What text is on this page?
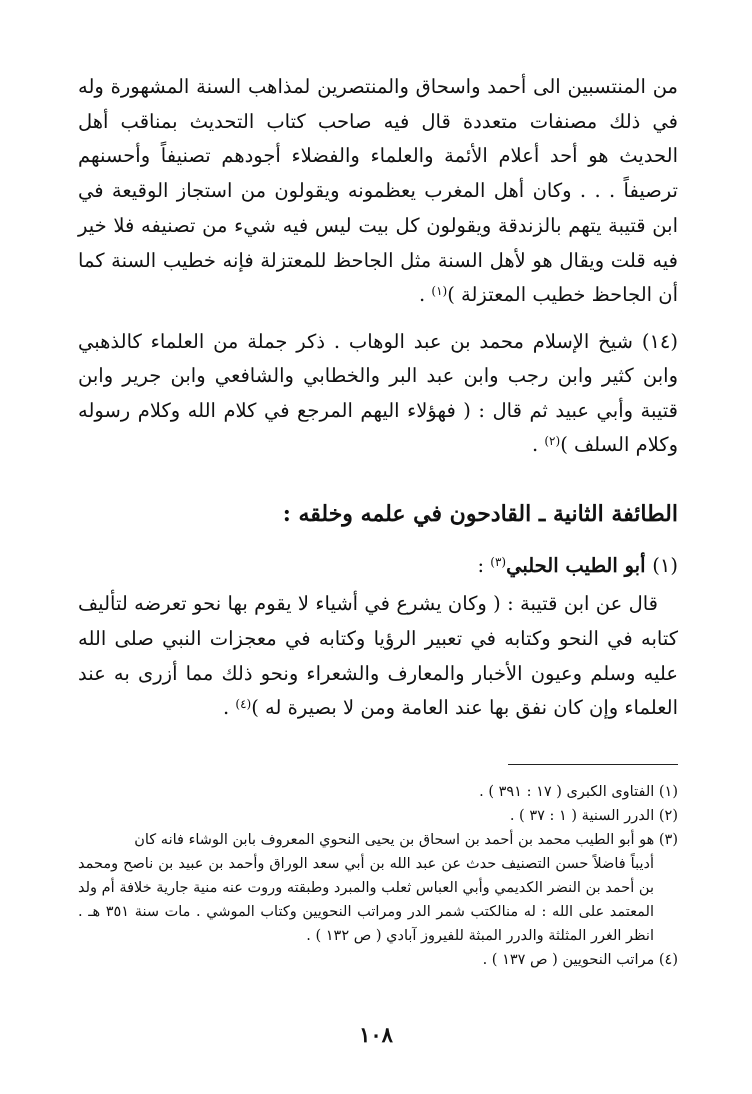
من المنتسبين الى أحمد واسحاق والمنتصرين لمذاهب السنة المشهورة وله في ذلك مصنفات متعددة قال فيه صاحب كتاب التحديث بمناقب أهل الحديث هو أحد أعلام الأئمة والعلماء والفضلاء أجودهم تصنيفاً وأحسنهم ترصيفاً . . . وكان أهل المغرب يعظمونه ويقولون من استجاز الوقيعة في ابن قتيبة يتهم بالزندقة ويقولون كل بيت ليس فيه شيء من تصنيفه فلا خير فيه قلت ويقال هو لأهل السنة مثل الجاحظ للمعتزلة فإنه خطيب السنة كما أن الجاحظ خطيب المعتزلة )$^{(١)}$ .

(١٤) شيخ الإسلام محمد بن عبد الوهاب . ذكر جملة من العلماء كالذهبي وابن كثير وابن رجب وابن عبد البر والخطابي والشافعي وابن جرير وابن قتيبة وأبي عبيد ثم قال : ( فهؤلاء اليهم المرجع في كلام الله وكلام رسوله وكلام السلف )$^{(٢)}$ .

الطائفة الثانية ـ القادحون في علمه وخلقه :

(١) أبو الطيب الحلبي$^{(٣)}$ :

قال عن ابن قتيبة : ( وكان يشرع في أشياء لا يقوم بها نحو تعرضه لتأليف كتابه في النحو وكتابه في تعبير الرؤيا وكتابه في معجزات النبي صلى الله عليه وسلم وعيون الأخبار والمعارف والشعراء ونحو ذلك مما أزرى به عند العلماء وإن كان نفق بها عند العامة ومن لا بصيرة له )$^{(٤)}$ .

(١) الفتاوى الكبرى ( ١٧ : ٣٩١ ) .
(٢) الدرر السنية ( ١ : ٣٧ ) .
(٣) هو أبو الطيب محمد بن أحمد بن اسحاق بن يحيى النحوي المعروف بابن الوشاء فانه كان
أديباً فاضلاً حسن التصنيف حدث عن عبد الله بن أبي سعد الوراق وأحمد بن عبيد بن ناصح ومحمد بن أحمد بن النضر الكديمي وأبي العباس ثعلب والمبرد وطبقته وروت عنه منية جارية خلافة أم ولد المعتمد على الله : له منالكتب شمر الدر ومراتب النحويين وكتاب الموشي . مات سنة ٣٥١ هـ . انظر الغرر المثلثة والدرر المبثة للفيروز آبادي ( ص ١٣٢ ) .
(٤) مراتب النحويين ( ص ١٣٧ ) .
١٠٨
